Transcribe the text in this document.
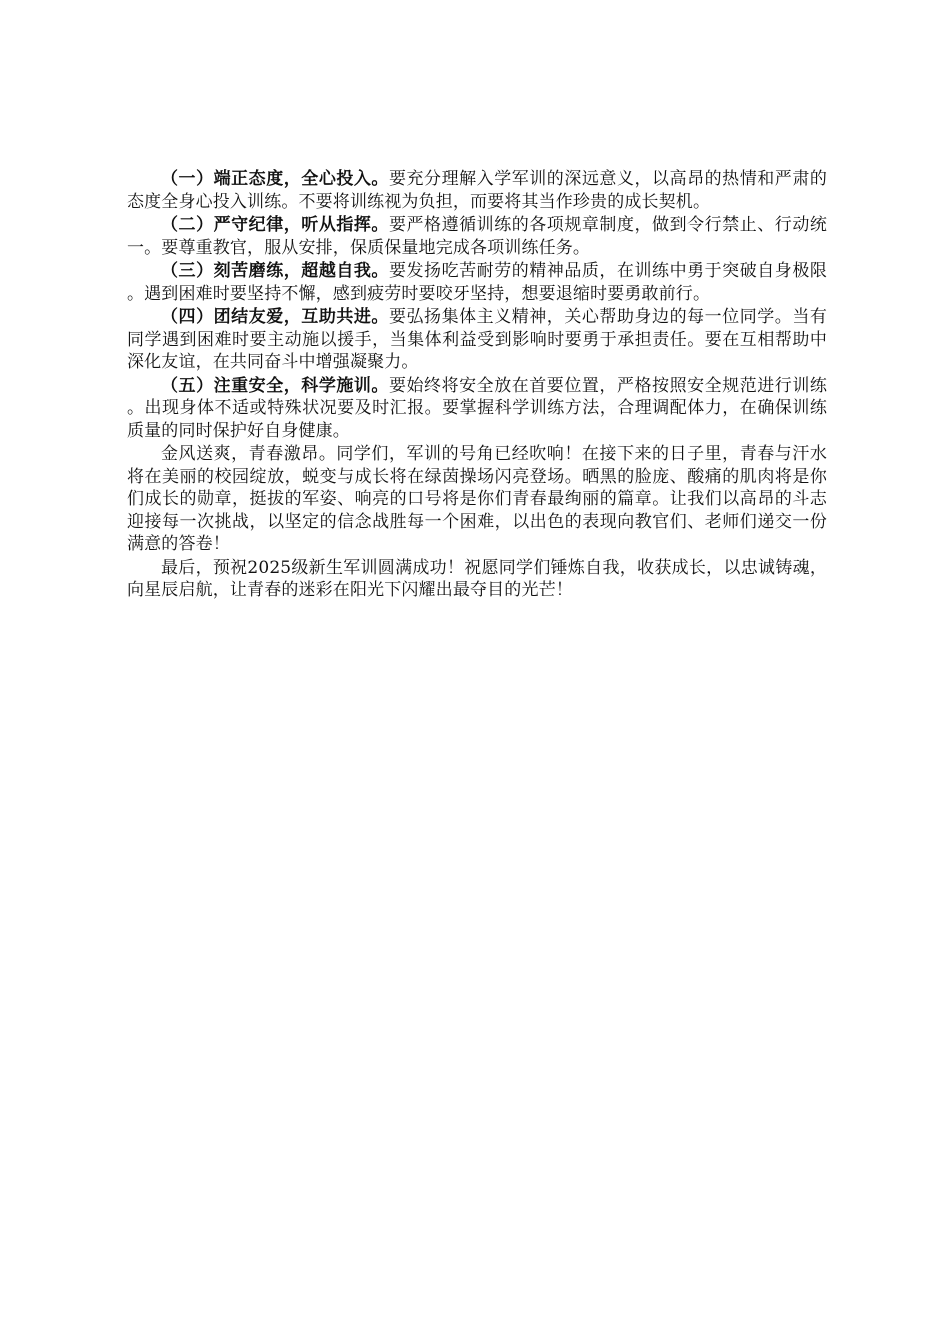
（一）端正态度，全心投入。要充分理解入学军训的深远意义，以高昂的热情和严肃的态度全身心投入训练。不要将训练视为负担，而要将其当作珍贵的成长契机。

（二）严守纪律，听从指挥。要严格遵循训练的各项规章制度，做到令行禁止、行动统一。要尊重教官，服从安排，保质保量地完成各项训练任务。

（三）刻苦磨练，超越自我。要发扬吃苦耐劳的精神品质，在训练中勇于突破自身极限。遇到困难时要坚持不懈，感到疲劳时要咬牙坚持，想要退缩时要勇敢前行。

（四）团结友爱，互助共进。要弘扬集体主义精神，关心帮助身边的每一位同学。当有同学遇到困难时要主动施以援手，当集体利益受到影响时要勇于承担责任。要在互相帮助中深化友谊，在共同奋斗中增强凝聚力。

（五）注重安全，科学施训。要始终将安全放在首要位置，严格按照安全规范进行训练。出现身体不适或特殊状况要及时汇报。要掌握科学训练方法，合理调配体力，在确保训练质量的同时保护好自身健康。

金风送爽，青春激昂。同学们，军训的号角已经吹响！在接下来的日子里，青春与汗水将在美丽的校园绽放，蜕变与成长将在绿茵操场闪亮登场。晒黑的脸庞、酸痛的肌肉将是你们成长的勋章，挺拔的军姿、响亮的口号将是你们青春最绚丽的篇章。让我们以高昂的斗志迎接每一次挑战，以坚定的信念战胜每一个困难，以出色的表现向教官们、老师们递交一份满意的答卷！

最后，预祝2025级新生军训圆满成功！祝愿同学们锤炼自我，收获成长，以忠诚铸魂，向星辰启航，让青春的迷彩在阳光下闪耀出最夺目的光芒！
